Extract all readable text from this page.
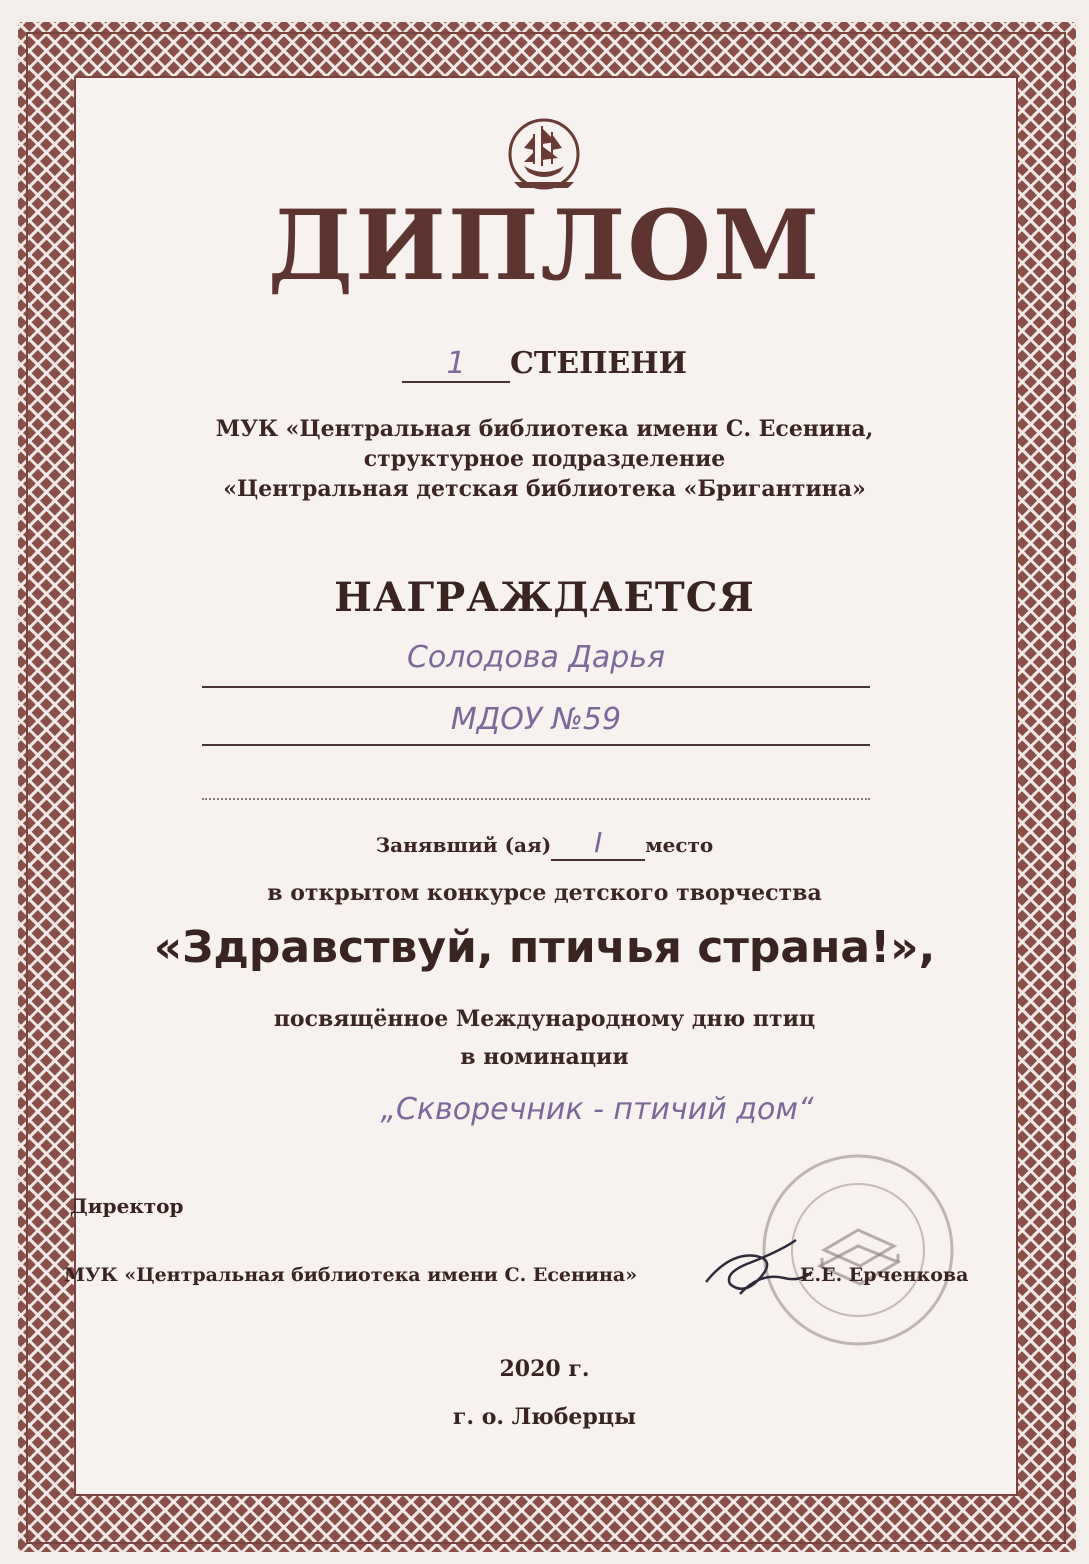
ДИПЛОМ
1 СТЕПЕНИ
МУК «Центральная библиотека имени С. Есенина,
структурное подразделение
«Центральная детская библиотека «Бригантина»
НАГРАЖДАЕТСЯ
Солодова Дарья
МДОУ №59
Занявший (ая) I место
в открытом конкурсе детского творчества
«Здравствуй, птичья страна!»,
посвящённое Международному дню птиц
в номинации
„Скворечник - птичий дом“
Директор
МУК «Центральная библиотека имени С. Есенина»	Е.Е. Ерченкова
2020 г.
г. о. Люберцы
